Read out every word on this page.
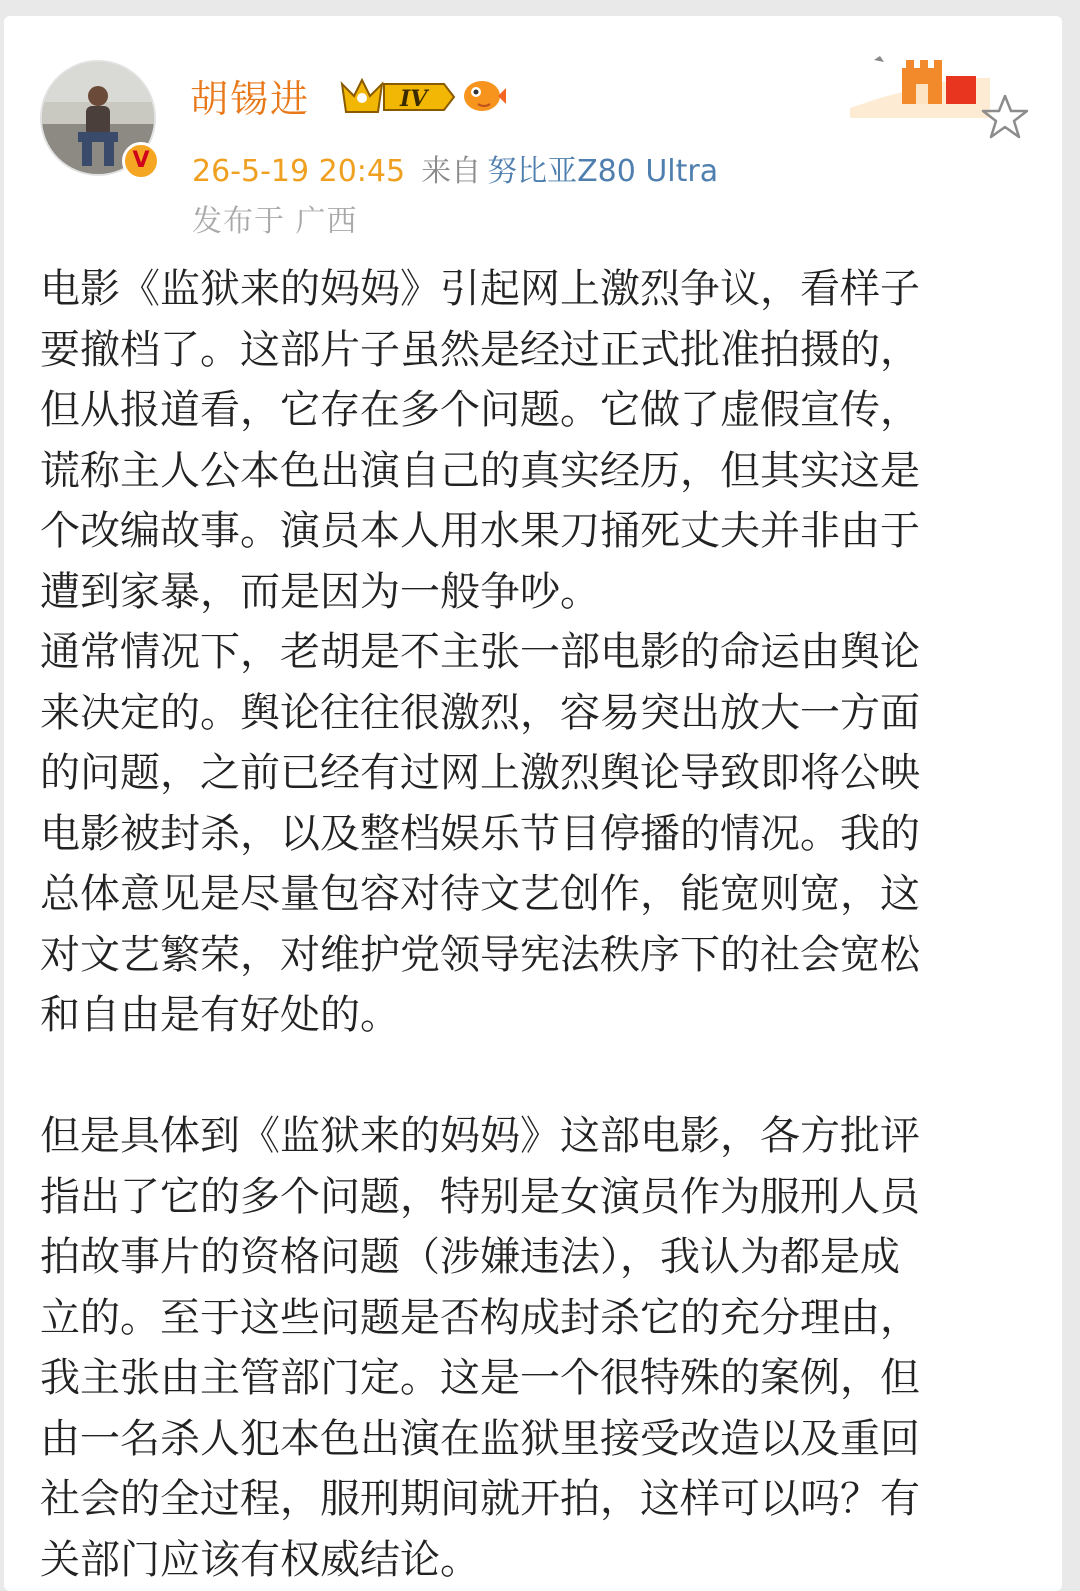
V
胡锡进	IV
26-5-19 20:45 来自 努比亚Z80 Ultra
发布于 广西

电影《监狱来的妈妈》引起网上激烈争议，看样子
要撤档了。这部片子虽然是经过正式批准拍摄的，
但从报道看，它存在多个问题。它做了虚假宣传，
谎称主人公本色出演自己的真实经历，但其实这是
个改编故事。演员本人用水果刀捅死丈夫并非由于
遭到家暴，而是因为一般争吵。

通常情况下，老胡是不主张一部电影的命运由舆论
来决定的。舆论往往很激烈，容易突出放大一方面
的问题，之前已经有过网上激烈舆论导致即将公映
电影被封杀，以及整档娱乐节目停播的情况。我的
总体意见是尽量包容对待文艺创作，能宽则宽，这
对文艺繁荣，对维护党领导宪法秩序下的社会宽松
和自由是有好处的。

但是具体到《监狱来的妈妈》这部电影，各方批评
指出了它的多个问题，特别是女演员作为服刑人员
拍故事片的资格问题（涉嫌违法），我认为都是成
立的。至于这些问题是否构成封杀它的充分理由，
我主张由主管部门定。这是一个很特殊的案例，但
由一名杀人犯本色出演在监狱里接受改造以及重回
社会的全过程，服刑期间就开拍，这样可以吗？有
关部门应该有权威结论。
